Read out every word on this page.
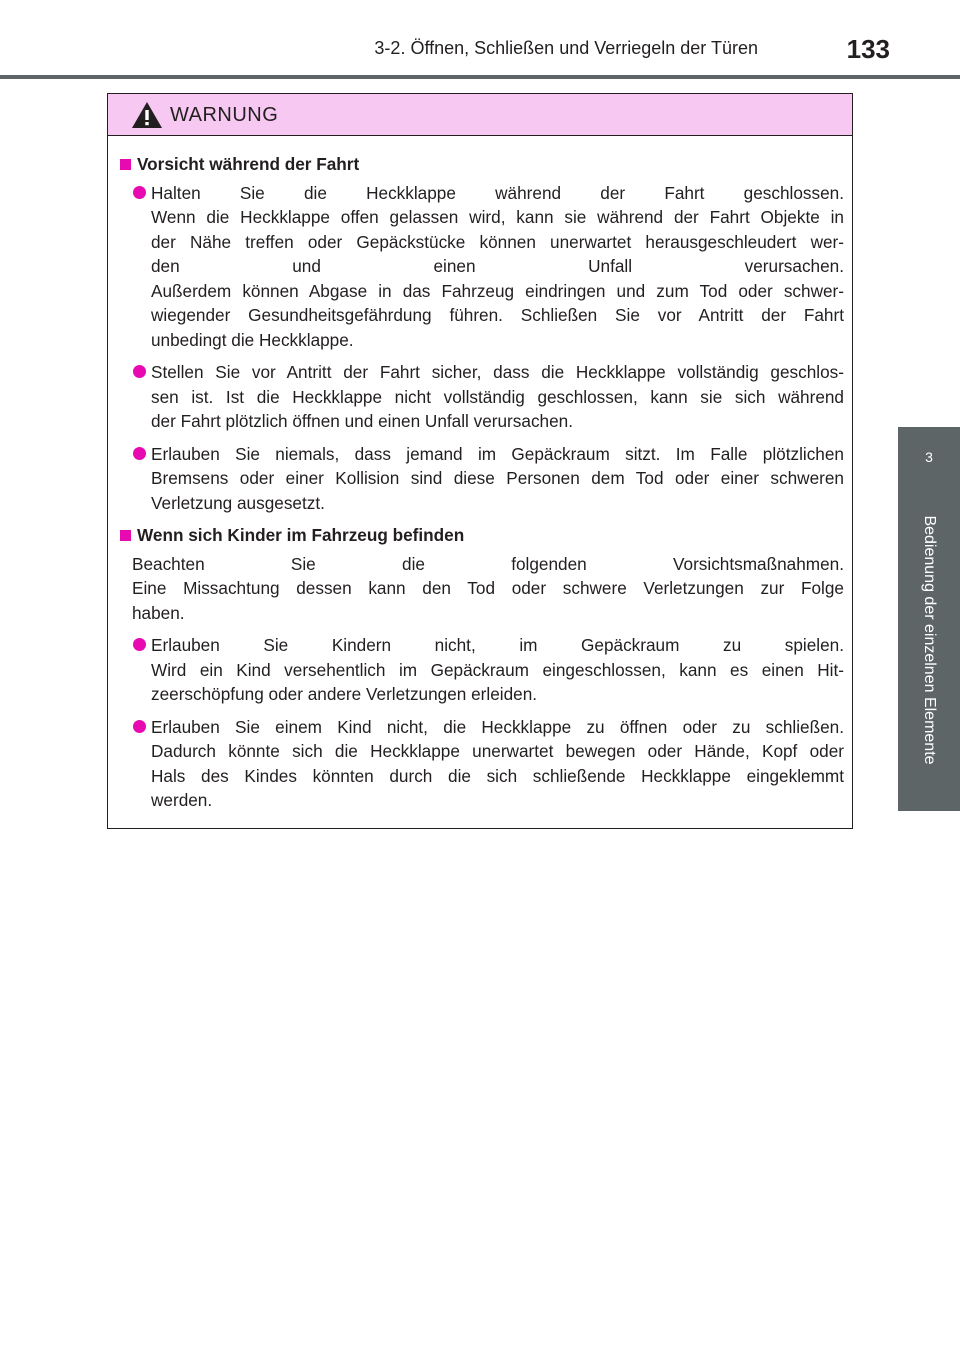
3-2. Öffnen, Schließen und Verriegeln der Türen	133
3
Bedienung der einzelnen Elemente
WARNUNG
Vorsicht während der Fahrt
Halten Sie die Heckklappe während der Fahrt geschlossen.
Wenn die Heckklappe offen gelassen wird, kann sie während der Fahrt Objekte in
der Nähe treffen oder Gepäckstücke können unerwartet herausgeschleudert wer-
den und einen Unfall verursachen.
Außerdem können Abgase in das Fahrzeug eindringen und zum Tod oder schwer-
wiegender Gesundheitsgefährdung führen. Schließen Sie vor Antritt der Fahrt
unbedingt die Heckklappe.
Stellen Sie vor Antritt der Fahrt sicher, dass die Heckklappe vollständig geschlos-
sen ist. Ist die Heckklappe nicht vollständig geschlossen, kann sie sich während
der Fahrt plötzlich öffnen und einen Unfall verursachen.
Erlauben Sie niemals, dass jemand im Gepäckraum sitzt. Im Falle plötzlichen
Bremsens oder einer Kollision sind diese Personen dem Tod oder einer schweren
Verletzung ausgesetzt.
Wenn sich Kinder im Fahrzeug befinden
Beachten Sie die folgenden Vorsichtsmaßnahmen.
Eine Missachtung dessen kann den Tod oder schwere Verletzungen zur Folge
haben.
Erlauben Sie Kindern nicht, im Gepäckraum zu spielen.
Wird ein Kind versehentlich im Gepäckraum eingeschlossen, kann es einen Hit-
zeerschöpfung oder andere Verletzungen erleiden.
Erlauben Sie einem Kind nicht, die Heckklappe zu öffnen oder zu schließen.
Dadurch könnte sich die Heckklappe unerwartet bewegen oder Hände, Kopf oder
Hals des Kindes könnten durch die sich schließende Heckklappe eingeklemmt
werden.
